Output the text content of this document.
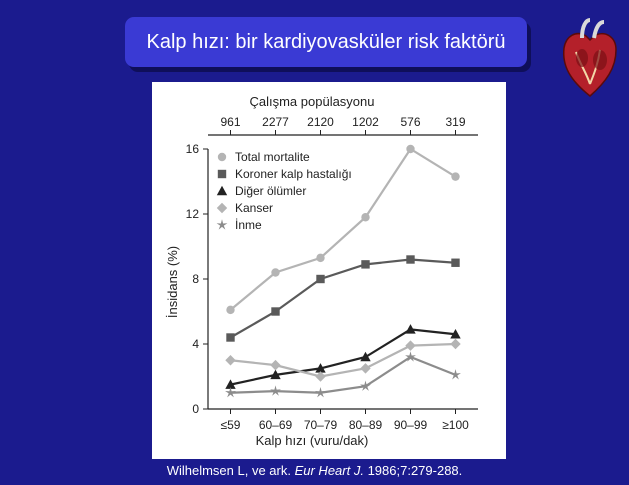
Kalp hızı: bir kardiyovasküler risk faktörü
Çalışma popülasyonu
Kalp hızı (vuru/dak)
İnsidans (%)
0
4
8
12
16
≤59
961
60–69
2277
70–79
2120
80–89
1202
90–99
576
≥100
319
Total mortalite
Koroner kalp hastalığı
Diğer ölümler
Kanser
İnme
Wilhelmsen L, ve ark. Eur Heart J. 1986;7:279-288.
